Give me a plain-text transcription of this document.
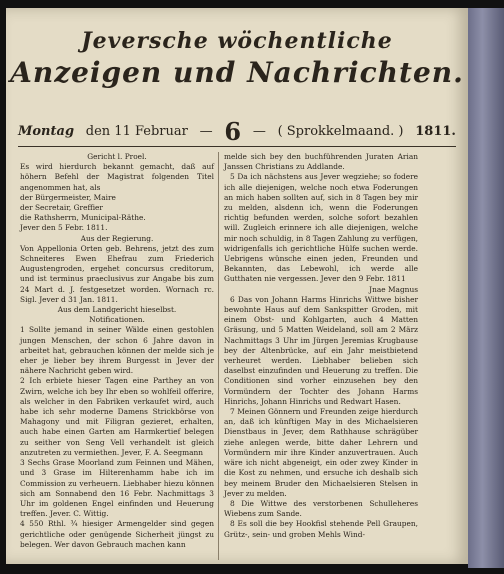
Jeversche wöchentliche
Anzeigen und Nachrichten.
Montag den 11 Februar — 6 — ( Sprokkelmaand. ) 1811.

Gericht l. Proel.

Es wird hierdurch bekannt gemacht, daß auf höhern Befehl der Magistrat folgenden Titel angenommen hat, als

der Bürgermeister, Maire

der Secretair, Greffier

die Rathsherrn, Municipal-Räthe.

Jever den 5 Febr. 1811.

Aus der Regierung.

Von Appellonia Orten geb. Behrens, jetzt des zum Schneiteres Ewen Ehefrau zum Friederich Augustengroden, ergehet concursus creditorum, und ist terminus praeclusivus zur Angabe bis zum 24 Mart d. J. festgesetzet worden. Wornach rc. Sigl. Jever d 31 Jan. 1811.

Aus dem Landgericht hieselbst.

Notificationen.

1 Sollte jemand in seiner Wälde einen gestohlen jungen Menschen, der schon 6 Jahre davon in arbeitet hat, gebrauchen können der melde sich je eher je lieber bey ihrem Burgesst in Jever der nähere Nachricht geben wird.

2 Ich erbiete hieser Tagen eine Parthey an von Zwirn, welche ich bey Ihr eben so wohlfeil offerire, als welcher in den Fabriken verkaufet wird, auch habe ich sehr moderne Damens Strickbörse von Mahagony und mit Filigran gezieret, erhalten, auch habe einen Garten am Harmkertief belegen zu seither von Seng Vell verhandelt ist gleich anzutreten zu vermiethen. Jever, F. A. Seegmann

3 Sechs Grase Moorland zum Feinnen und Mähen, und 3 Grase im Hilterenhamm habe ich im Commission zu verheuern. Liebhaber hiezu können sich am Sonnabend den 16 Febr. Nachmittags 3 Uhr im goldenen Engel einfinden und Heuerung treffen. Jever. C. Wittig.

4 550 Rthl. ¾ hiesiger Armengelder sind gegen gerichtliche oder genügende Sicherheit jüngst zu belegen. Wer davon Gebrauch machen kann

melde sich bey den buchführenden Juraten Arian Janssen Christians zu Addlande.

5 Da ich nächstens aus Jever wegziehe; so fodere ich alle diejenigen, welche noch etwa Foderungen an mich haben sollten auf, sich in 8 Tagen bey mir zu melden, alsdenn ich, wenn die Foderungen richtig befunden werden, solche sofort bezahlen will. Zugleich erinnere ich alle diejenigen, welche mir noch schuldig, in 8 Tagen Zahlung zu verfügen, widrigenfalls ich gerichtliche Hülfe suchen werde. Uebrigens wünsche einen jeden, Freunden und Bekannten, das Lebewohl, ich werde alle Gutthaten nie vergessen. Jever den 9 Febr. 1811

Jnae Magnus

6 Das von Johann Harms Hinrichs Wittwe bisher bewohnte Haus auf dem Sankspitter Groden, mit einem Obst- und Kohlgarten, auch 4 Matten Gräsung, und 5 Matten Weideland, soll am 2 März Nachmittags 3 Uhr im Jürgen Jeremias Krugbause bey der Altenbrücke, auf ein Jahr meistbietend verheuret werden. Liebhaber belieben sich daselbst einzufinden und Heuerung zu treffen. Die Conditionen sind vorher einzusehen bey den Vormündern der Tochter des Johann Harms Hinrichs, Johann Hinrichs und Redwart Hasen.

7 Meinen Gönnern und Freunden zeige hierdurch an, daß ich künftigen May in des Michaelsieren Dienstbaus in Jever, dem Rathhause schrägüber ziehe anlegen werde, bitte daher Lehrern und Vormündern mir ihre Kinder anzuvertrauen. Auch wäre ich nicht abgeneigt, ein oder zwey Kinder in die Kost zu nehmen, und ersuche ich deshalb sich bey meinem Bruder den Michaelsieren Stelsen in Jever zu melden.

8 Die Wittwe des verstorbenen Schulleheres Wiebens zum Sande.

8 Es soll die bey Hookfisl stehende Pell Graupen, Grütz-, sein- und groben Mehls Wind-
